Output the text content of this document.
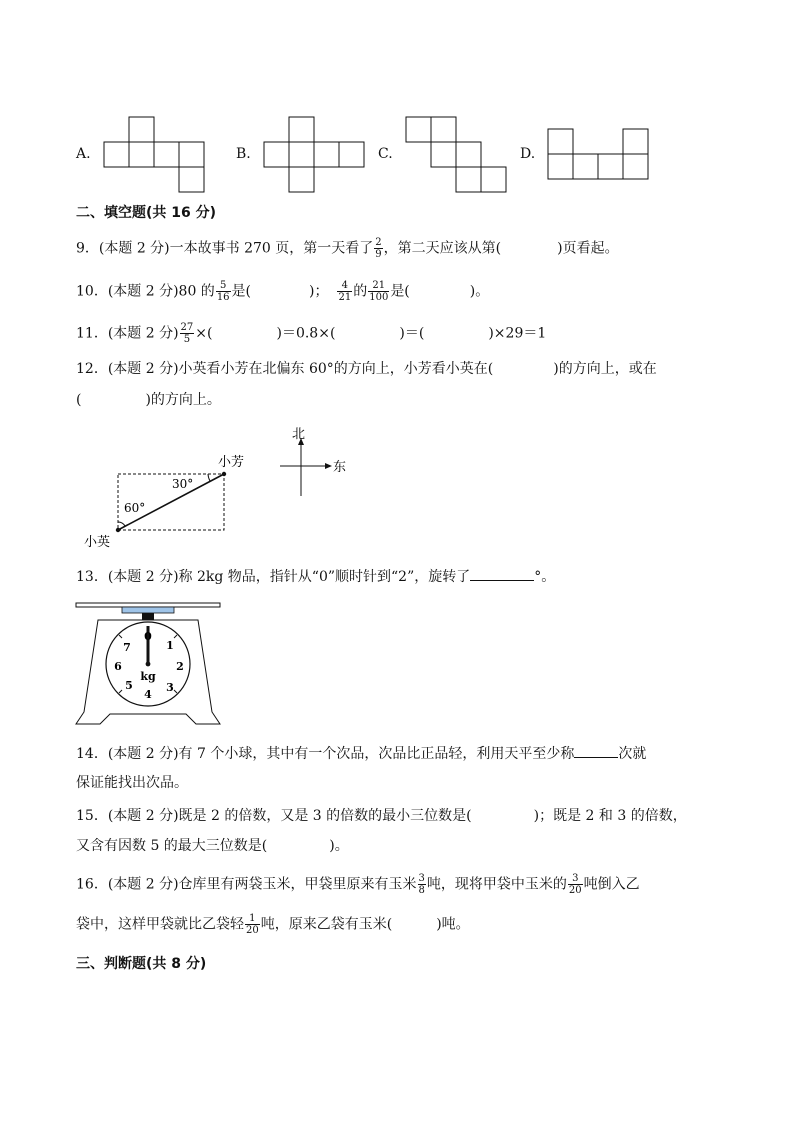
A.	B.	C.	D.
二、填空题(共 16 分)
9．(本题 2 分)一本故事书 270 页，第一天看了 $\frac{2}{9}$ ，第二天应该从第(	)页看起。
10．(本题 2 分)80 的 $\frac{5}{16}$ 是(	)； $\frac{4}{21}$ 的 $\frac{21}{100}$ 是(	)。
11．(本题 2 分) $\frac{27}{5}$ ×(	)＝0.8×(	)＝(	)×29＝1
12．(本题 2 分)小英看小芳在北偏东 60°的方向上，小芳看小英在(	)的方向上，或在
(	)的方向上。
30°
60°
小芳
小英
北
东
13．(本题 2 分)称 2kg 物品，指针从“0”顺时针到“2”，旋转了	°。
0
1
2
3
4
5
6
7
kg
14．(本题 2 分)有 7 个小球，其中有一个次品，次品比正品轻，利用天平至少称	次就
保证能找出次品。
15．(本题 2 分)既是 2 的倍数，又是 3 的倍数的最小三位数是(	)；既是 2 和 3 的倍数，
又含有因数 5 的最大三位数是(	)。
16．(本题 2 分)仓库里有两袋玉米，甲袋里原来有玉米 $\frac{3}{8}$ 吨，现将甲袋中玉米的 $\frac{3}{20}$ 吨倒入乙
袋中，这样甲袋就比乙袋轻 $\frac{1}{20}$ 吨，原来乙袋有玉米(	)吨。
三、判断题(共 8 分)
